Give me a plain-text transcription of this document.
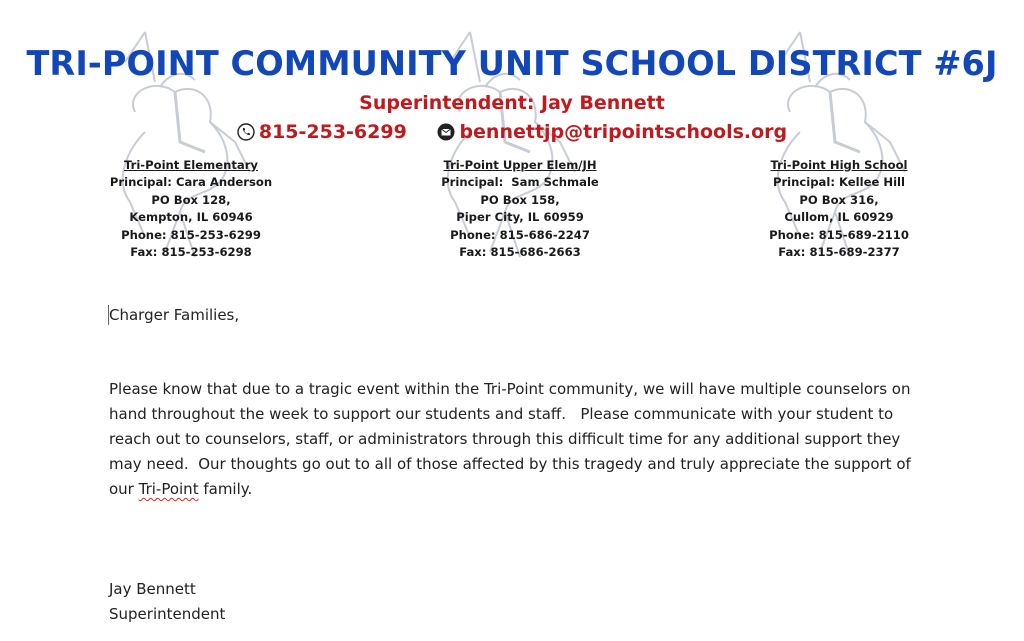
TRI-POINT COMMUNITY UNIT SCHOOL DISTRICT #6J
Superintendent: Jay Bennett
815-253-6299
	bennettjp@tripointschools.org
Tri-Point Elementary
Principal: Cara Anderson
PO Box 128,
Kempton, IL 60946
Phone: 815-253-6299
Fax: 815-253-6298
Tri-Point Upper Elem/JH
Principal:  Sam Schmale
PO Box 158,
Piper City, IL 60959
Phone: 815-686-2247
Fax: 815-686-2663
Tri-Point High School
Principal: Kellee Hill
PO Box 316,
Cullom, IL 60929
Phone: 815-689-2110
Fax: 815-689-2377
Charger Families,
Please know that due to a tragic event within the Tri-Point community, we will have multiple counselors on hand throughout the week to support our students and staff.   Please communicate with your student to reach out to counselors, staff, or administrators through this difficult time for any additional support they may need.  Our thoughts go out to all of those affected by this tragedy and truly appreciate the support of our Tri-Point family.
Jay Bennett
Superintendent
